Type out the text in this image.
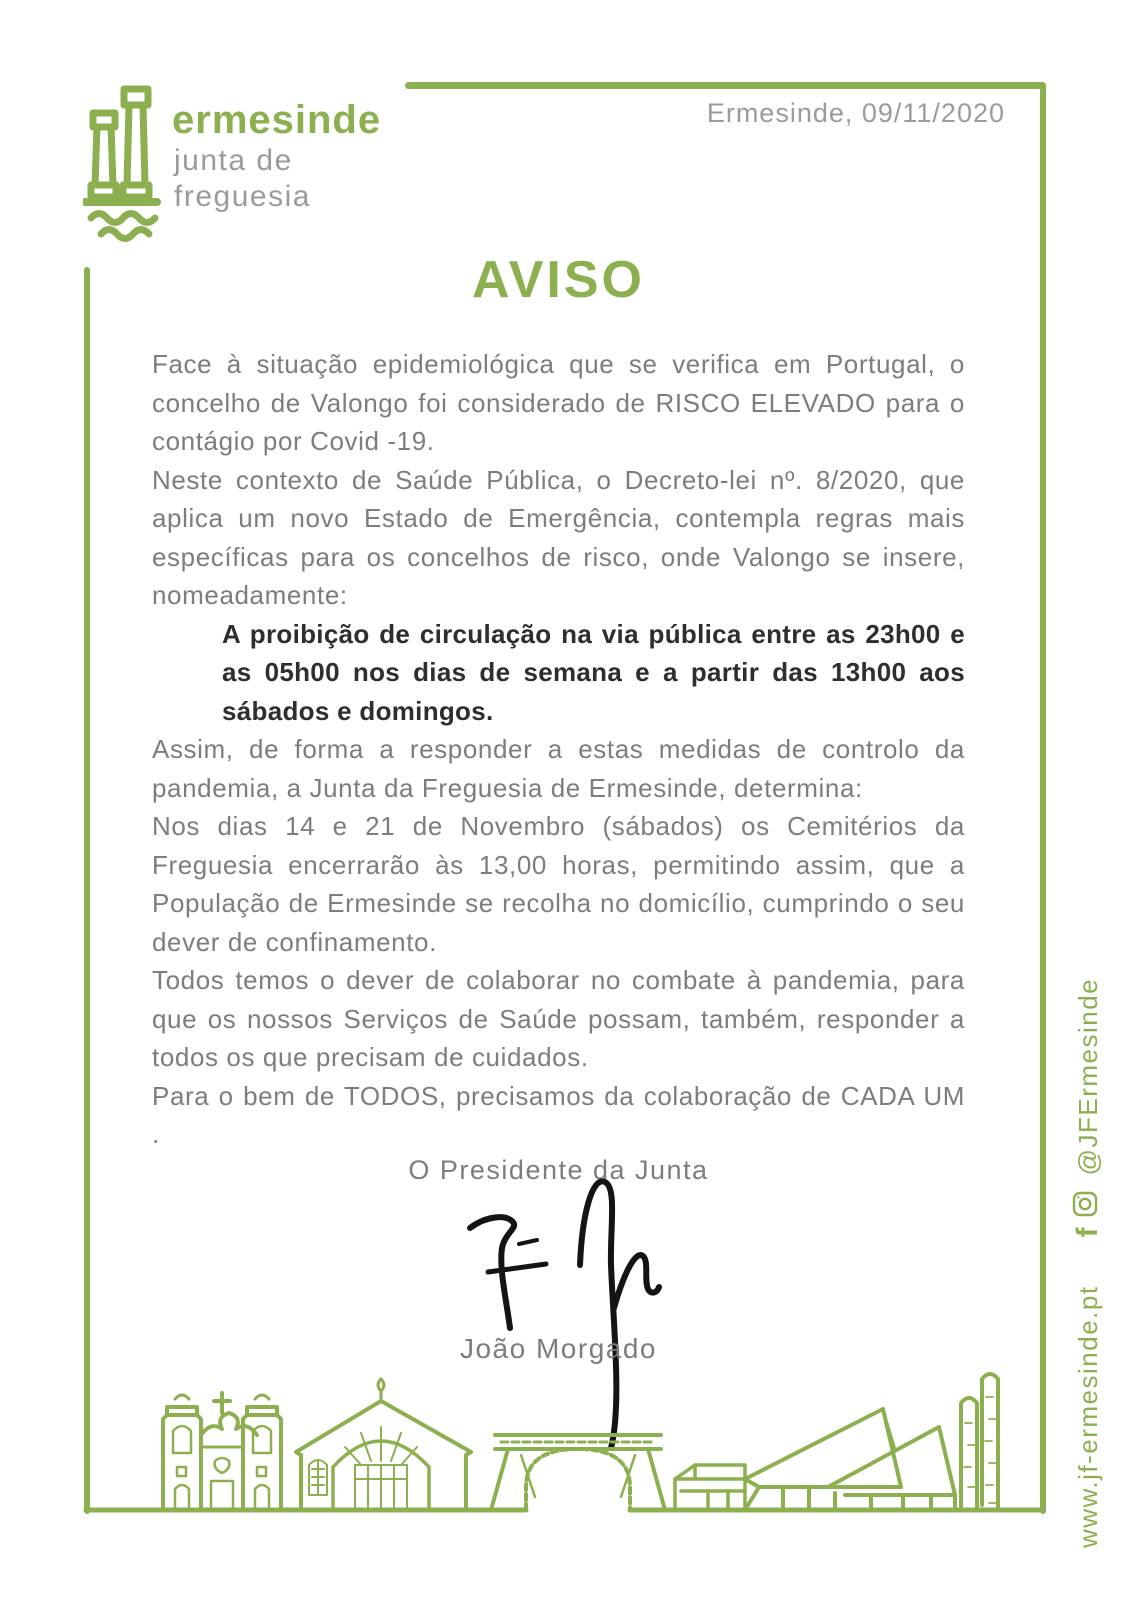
ermesinde
junta de
freguesia
Ermesinde, 09/11/2020
AVISO

Face à situação epidemiológica que se verifica em Portugal, o concelho de Valongo foi considerado de RISCO ELEVADO para o contágio por Covid -19.

Neste contexto de Saúde Pública, o Decreto-lei nº. 8/2020, que aplica um novo Estado de Emergência, contempla regras mais específicas para os concelhos de risco, onde Valongo se insere, nomeadamente:

A proibição de circulação na via pública entre as 23h00 e as 05h00 nos dias de semana e a partir das 13h00 aos sábados e domingos.

Assim, de forma a responder a estas medidas de controlo da pandemia, a Junta da Freguesia de Ermesinde, determina:

Nos dias 14 e 21 de Novembro (sábados) os Cemitérios da Freguesia encerrarão às 13,00 horas, permitindo assim, que a População de Ermesinde se recolha no domicílio, cumprindo o seu dever de confinamento.

Todos temos o dever de colaborar no combate à pandemia, para que os nossos Serviços de Saúde possam, também, responder a todos os que precisam de cuidados.

Para o bem de TODOS, precisamos da colaboração de CADA UM .

O Presidente da Junta
João Morgado	www.jf-ermesinde.pt
f
@JFErmesinde
